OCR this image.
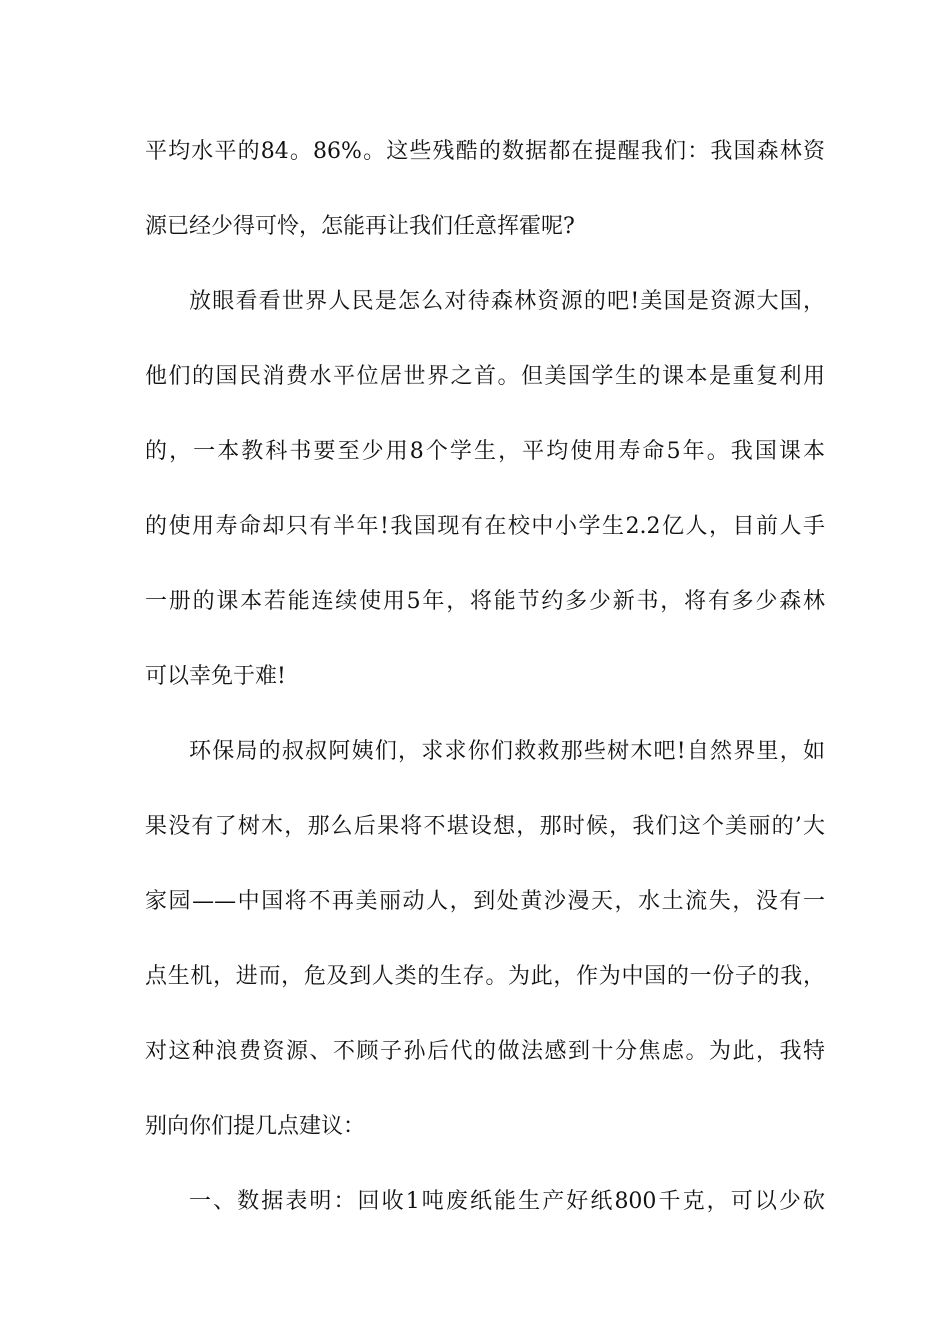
平均水平的84。86%。这些残酷的数据都在提醒我们：我国森林资
源已经少得可怜，怎能再让我们任意挥霍呢?
放眼看看世界人民是怎么对待森林资源的吧!美国是资源大国，
他们的国民消费水平位居世界之首。但美国学生的课本是重复利用
的，一本教科书要至少用8个学生，平均使用寿命5年。我国课本
的使用寿命却只有半年!我国现有在校中小学生2.2亿人，目前人手
一册的课本若能连续使用5年，将能节约多少新书，将有多少森林
可以幸免于难!
环保局的叔叔阿姨们，求求你们救救那些树木吧!自然界里，如
果没有了树木，那么后果将不堪设想，那时候，我们这个美丽的’大
家园——中国将不再美丽动人，到处黄沙漫天，水土流失，没有一
点生机，进而，危及到人类的生存。为此，作为中国的一份子的我，
对这种浪费资源、不顾子孙后代的做法感到十分焦虑。为此，我特
别向你们提几点建议：
一、数据表明：回收1吨废纸能生产好纸800千克，可以少砍
